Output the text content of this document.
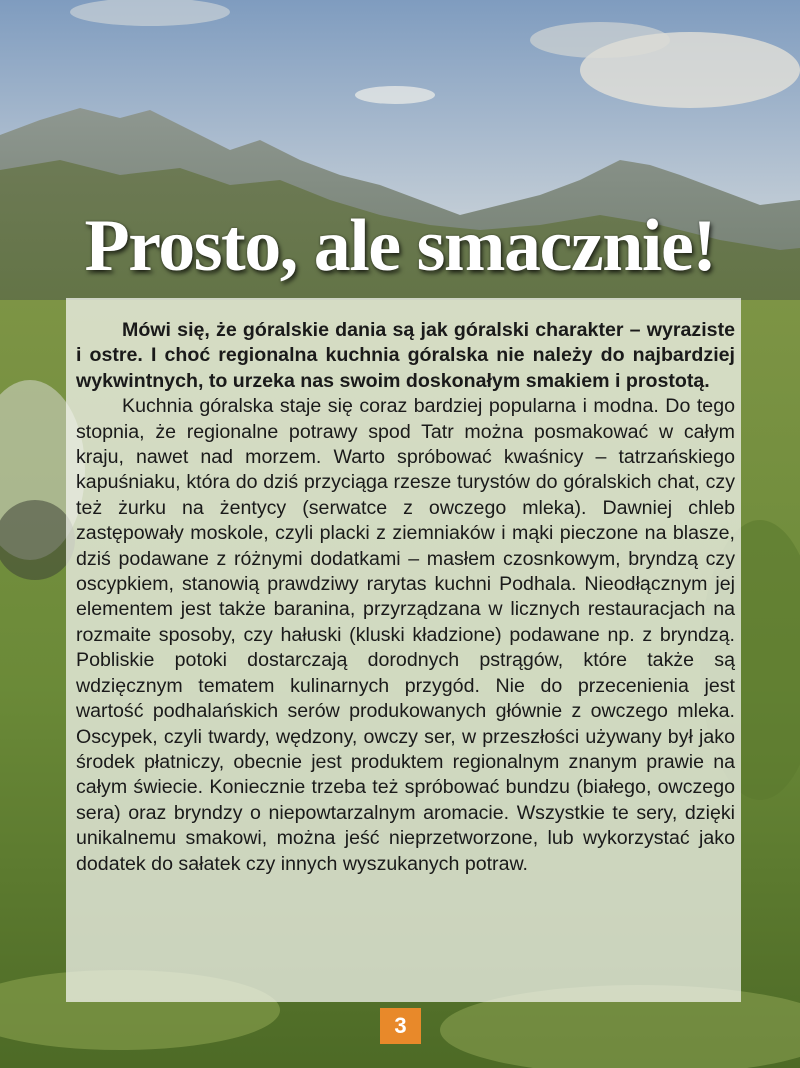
Prosto, ale smacznie!

Mówi się, że góralskie dania są jak góralski charakter – wyraziste i ostre. I choć regionalna kuchnia góralska nie należy do najbardziej wykwintnych, to urzeka nas swoim doskonałym smakiem i prostotą.

Kuchnia góralska staje się coraz bardziej popularna i modna. Do tego stopnia, że regionalne potrawy spod Tatr można posmakować w całym kraju, nawet nad morzem. Warto spróbować kwaśnicy – tatrzańskiego kapuśniaku, która do dziś przyciąga rzesze turystów do góralskich chat, czy też żurku na żentycy (serwatce z owczego mleka). Dawniej chleb zastępowały moskole, czyli placki z ziemniaków i mąki pieczone na blasze, dziś podawane z różnymi dodatkami – masłem czosnkowym, bryndzą czy oscypkiem, stanowią prawdziwy rarytas kuchni Podhala. Nieodłącznym jej elementem jest także baranina, przyrządzana w licznych restauracjach na rozmaite sposoby, czy hałuski (kluski kładzione) podawane np. z bryndzą. Pobliskie potoki dostarczają dorodnych pstrągów, które także są wdzięcznym tematem kulinarnych przygód. Nie do przecenienia jest wartość podhalańskich serów produkowanych głównie z owczego mleka. Oscypek, czyli twardy, wędzony, owczy ser, w przeszłości używany był jako środek płatniczy, obecnie jest produktem regionalnym znanym prawie na całym świecie. Koniecznie trzeba też spróbować bundzu (białego, owczego sera) oraz bryndzy o niepowtarzalnym aromacie. Wszystkie te sery, dzięki unikalnemu smakowi, można jeść nieprzetworzone, lub wykorzystać jako dodatek do sałatek czy innych wyszukanych potraw.

3
